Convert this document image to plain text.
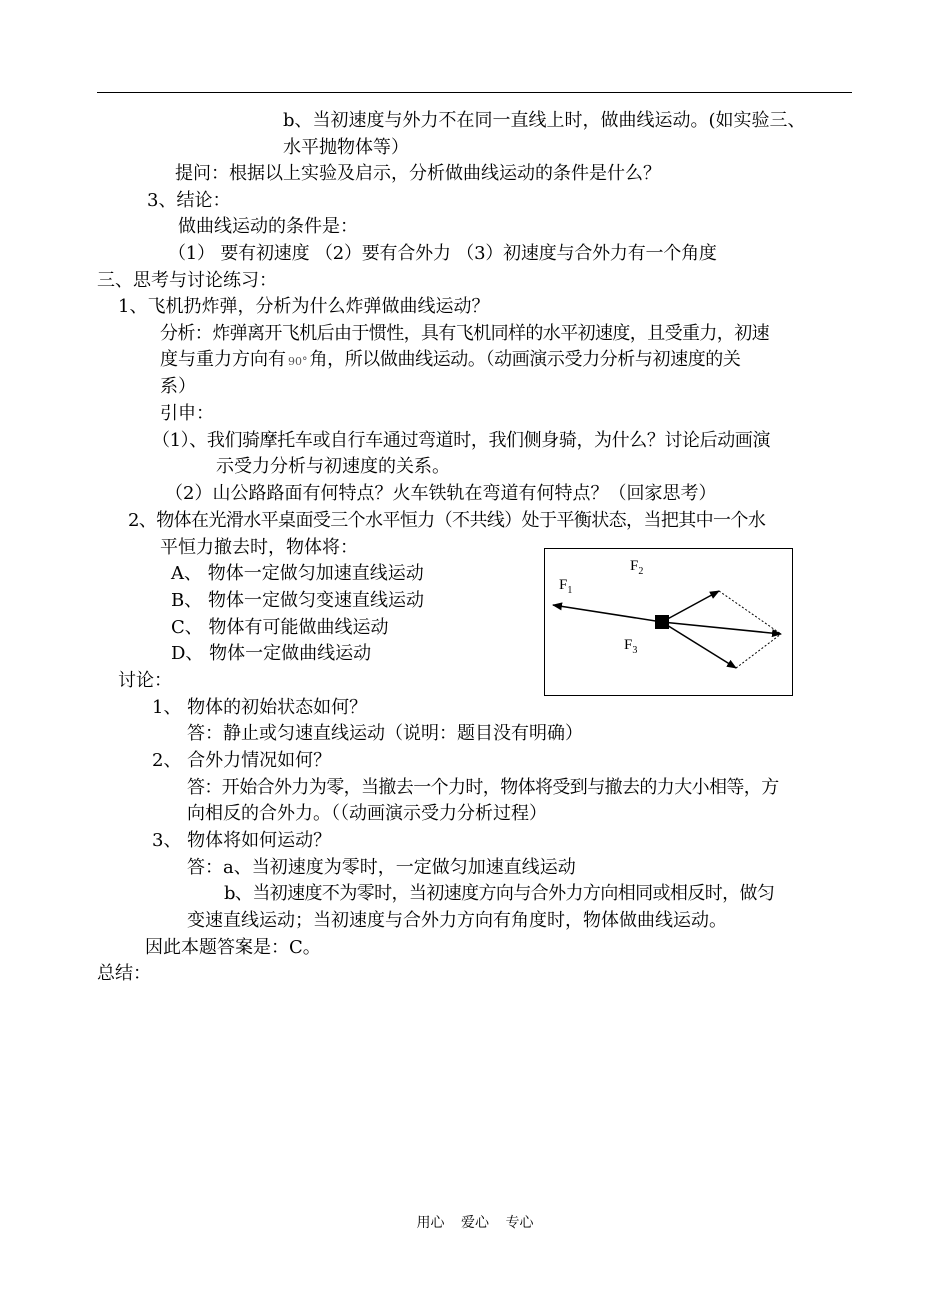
b、当初速度与外力不在同一直线上时，做曲线运动。(如实验三、
水平抛物体等）
提问：根据以上实验及启示，分析做曲线运动的条件是什么？
3、结论：
做曲线运动的条件是：
（1） 要有初速度 （2）要有合外力 （3）初速度与合外力有一个角度
三、思考与讨论练习：
1、飞机扔炸弹，分析为什么炸弹做曲线运动？
分析：炸弹离开飞机后由于惯性，具有飞机同样的水平初速度，且受重力，初速
度与重力方向有 90° 角，所以做曲线运动。（动画演示受力分析与初速度的关
系）
引申：
（1）、我们骑摩托车或自行车通过弯道时，我们侧身骑，为什么？讨论后动画演
示受力分析与初速度的关系。
（2）山公路路面有何特点？火车铁轨在弯道有何特点？（回家思考）
2、物体在光滑水平桌面受三个水平恒力（不共线）处于平衡状态，当把其中一个水
平恒力撤去时，物体将：
A、 物体一定做匀加速直线运动
B、 物体一定做匀变速直线运动
C、 物体有可能做曲线运动
D、 物体一定做曲线运动
讨论：
1、 物体的初始状态如何？
答：静止或匀速直线运动（说明：题目没有明确）
2、 合外力情况如何？
答：开始合外力为零，当撤去一个力时，物体将受到与撤去的力大小相等，方
向相反的合外力。（（动画演示受力分析过程）
3、 物体将如何运动？
答：a、当初速度为零时，一定做匀加速直线运动
b、当初速度不为零时，当初速度方向与合外力方向相同或相反时，做匀
变速直线运动；当初速度与合外力方向有角度时，物体做曲线运动。
因此本题答案是：C。
总结：
$F_2$
$F_1$
$F_3$
用心 爱心 专心
